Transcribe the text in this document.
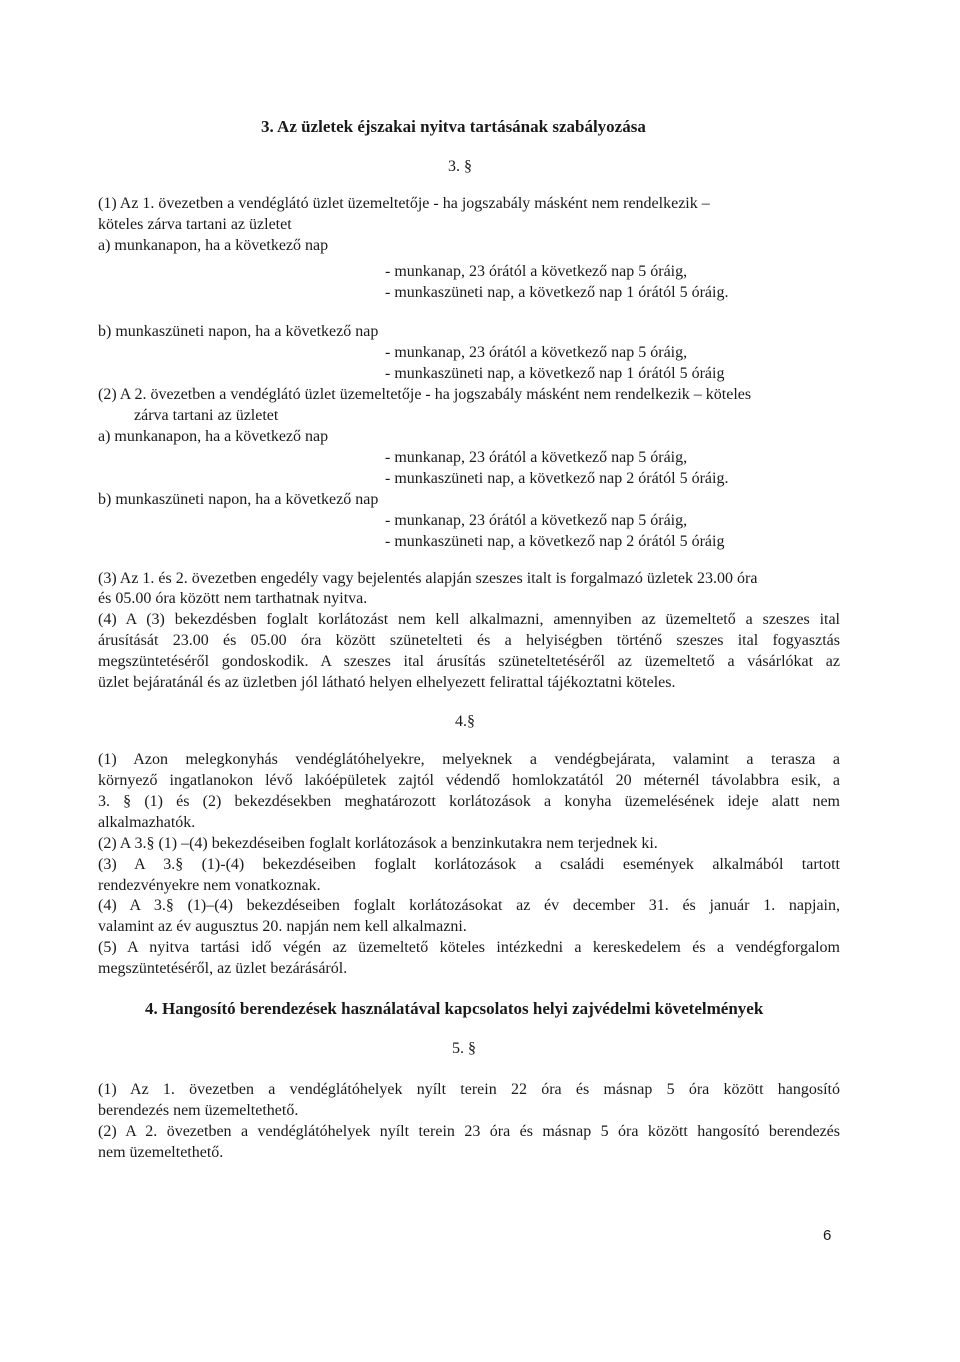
3. Az üzletek éjszakai nyitva tartásának szabályozása
3. §
(1) Az 1. övezetben a vendéglátó üzlet üzemeltetője - ha jogszabály másként nem rendelkezik –
köteles zárva tartani az üzletet
a) munkanapon, ha a következő nap
- munkanap, 23 órától a következő nap 5 óráig,
- munkaszüneti nap, a következő nap 1 órától 5 óráig.
b) munkaszüneti napon, ha a következő nap
- munkanap, 23 órától a következő nap 5 óráig,
- munkaszüneti nap, a következő nap 1 órától 5 óráig
(2) A 2. övezetben a vendéglátó üzlet üzemeltetője - ha jogszabály másként nem rendelkezik – köteles
zárva tartani az üzletet
a) munkanapon, ha a következő nap
- munkanap, 23 órától a következő nap 5 óráig,
- munkaszüneti nap, a következő nap 2 órától 5 óráig.
b) munkaszüneti napon, ha a következő nap
- munkanap, 23 órától a következő nap 5 óráig,
- munkaszüneti nap, a következő nap 2 órától 5 óráig
(3) Az 1. és 2. övezetben engedély vagy bejelentés alapján szeszes italt is forgalmazó üzletek 23.00 óra
és 05.00 óra között nem tarthatnak nyitva.
(4) A (3) bekezdésben foglalt korlátozást nem kell alkalmazni, amennyiben az üzemeltető a szeszes ital
árusítását 23.00 és 05.00 óra között szünetelteti és a helyiségben történő szeszes ital fogyasztás
megszüntetéséről gondoskodik. A szeszes ital árusítás szüneteltetéséről az üzemeltető a vásárlókat az
üzlet bejáratánál és az üzletben jól látható helyen elhelyezett felirattal tájékoztatni köteles.
4.§
(1) Azon melegkonyhás vendéglátóhelyekre, melyeknek a vendégbejárata, valamint a terasza a
környező ingatlanokon lévő lakóépületek zajtól védendő homlokzatától 20 méternél távolabbra esik, a
3. § (1) és (2) bekezdésekben meghatározott korlátozások a konyha üzemelésének ideje alatt nem
alkalmazhatók.
(2) A 3.§ (1) –(4) bekezdéseiben foglalt korlátozások a benzinkutakra nem terjednek ki.
(3) A 3.§ (1)-(4) bekezdéseiben foglalt korlátozások a családi események alkalmából tartott
rendezvényekre nem vonatkoznak.
(4) A 3.§ (1)–(4) bekezdéseiben foglalt korlátozásokat az év december 31. és január 1. napjain,
valamint az év augusztus 20. napján nem kell alkalmazni.
(5) A nyitva tartási idő végén az üzemeltető köteles intézkedni a kereskedelem és a vendégforgalom
megszüntetéséről, az üzlet bezárásáról.
4. Hangosító berendezések használatával kapcsolatos helyi zajvédelmi követelmények
5. §
(1) Az 1. övezetben a vendéglátóhelyek nyílt terein 22 óra és másnap 5 óra között hangosító
berendezés nem üzemeltethető.
(2) A 2. övezetben a vendéglátóhelyek nyílt terein 23 óra és másnap 5 óra között hangosító berendezés
nem üzemeltethető.
6
